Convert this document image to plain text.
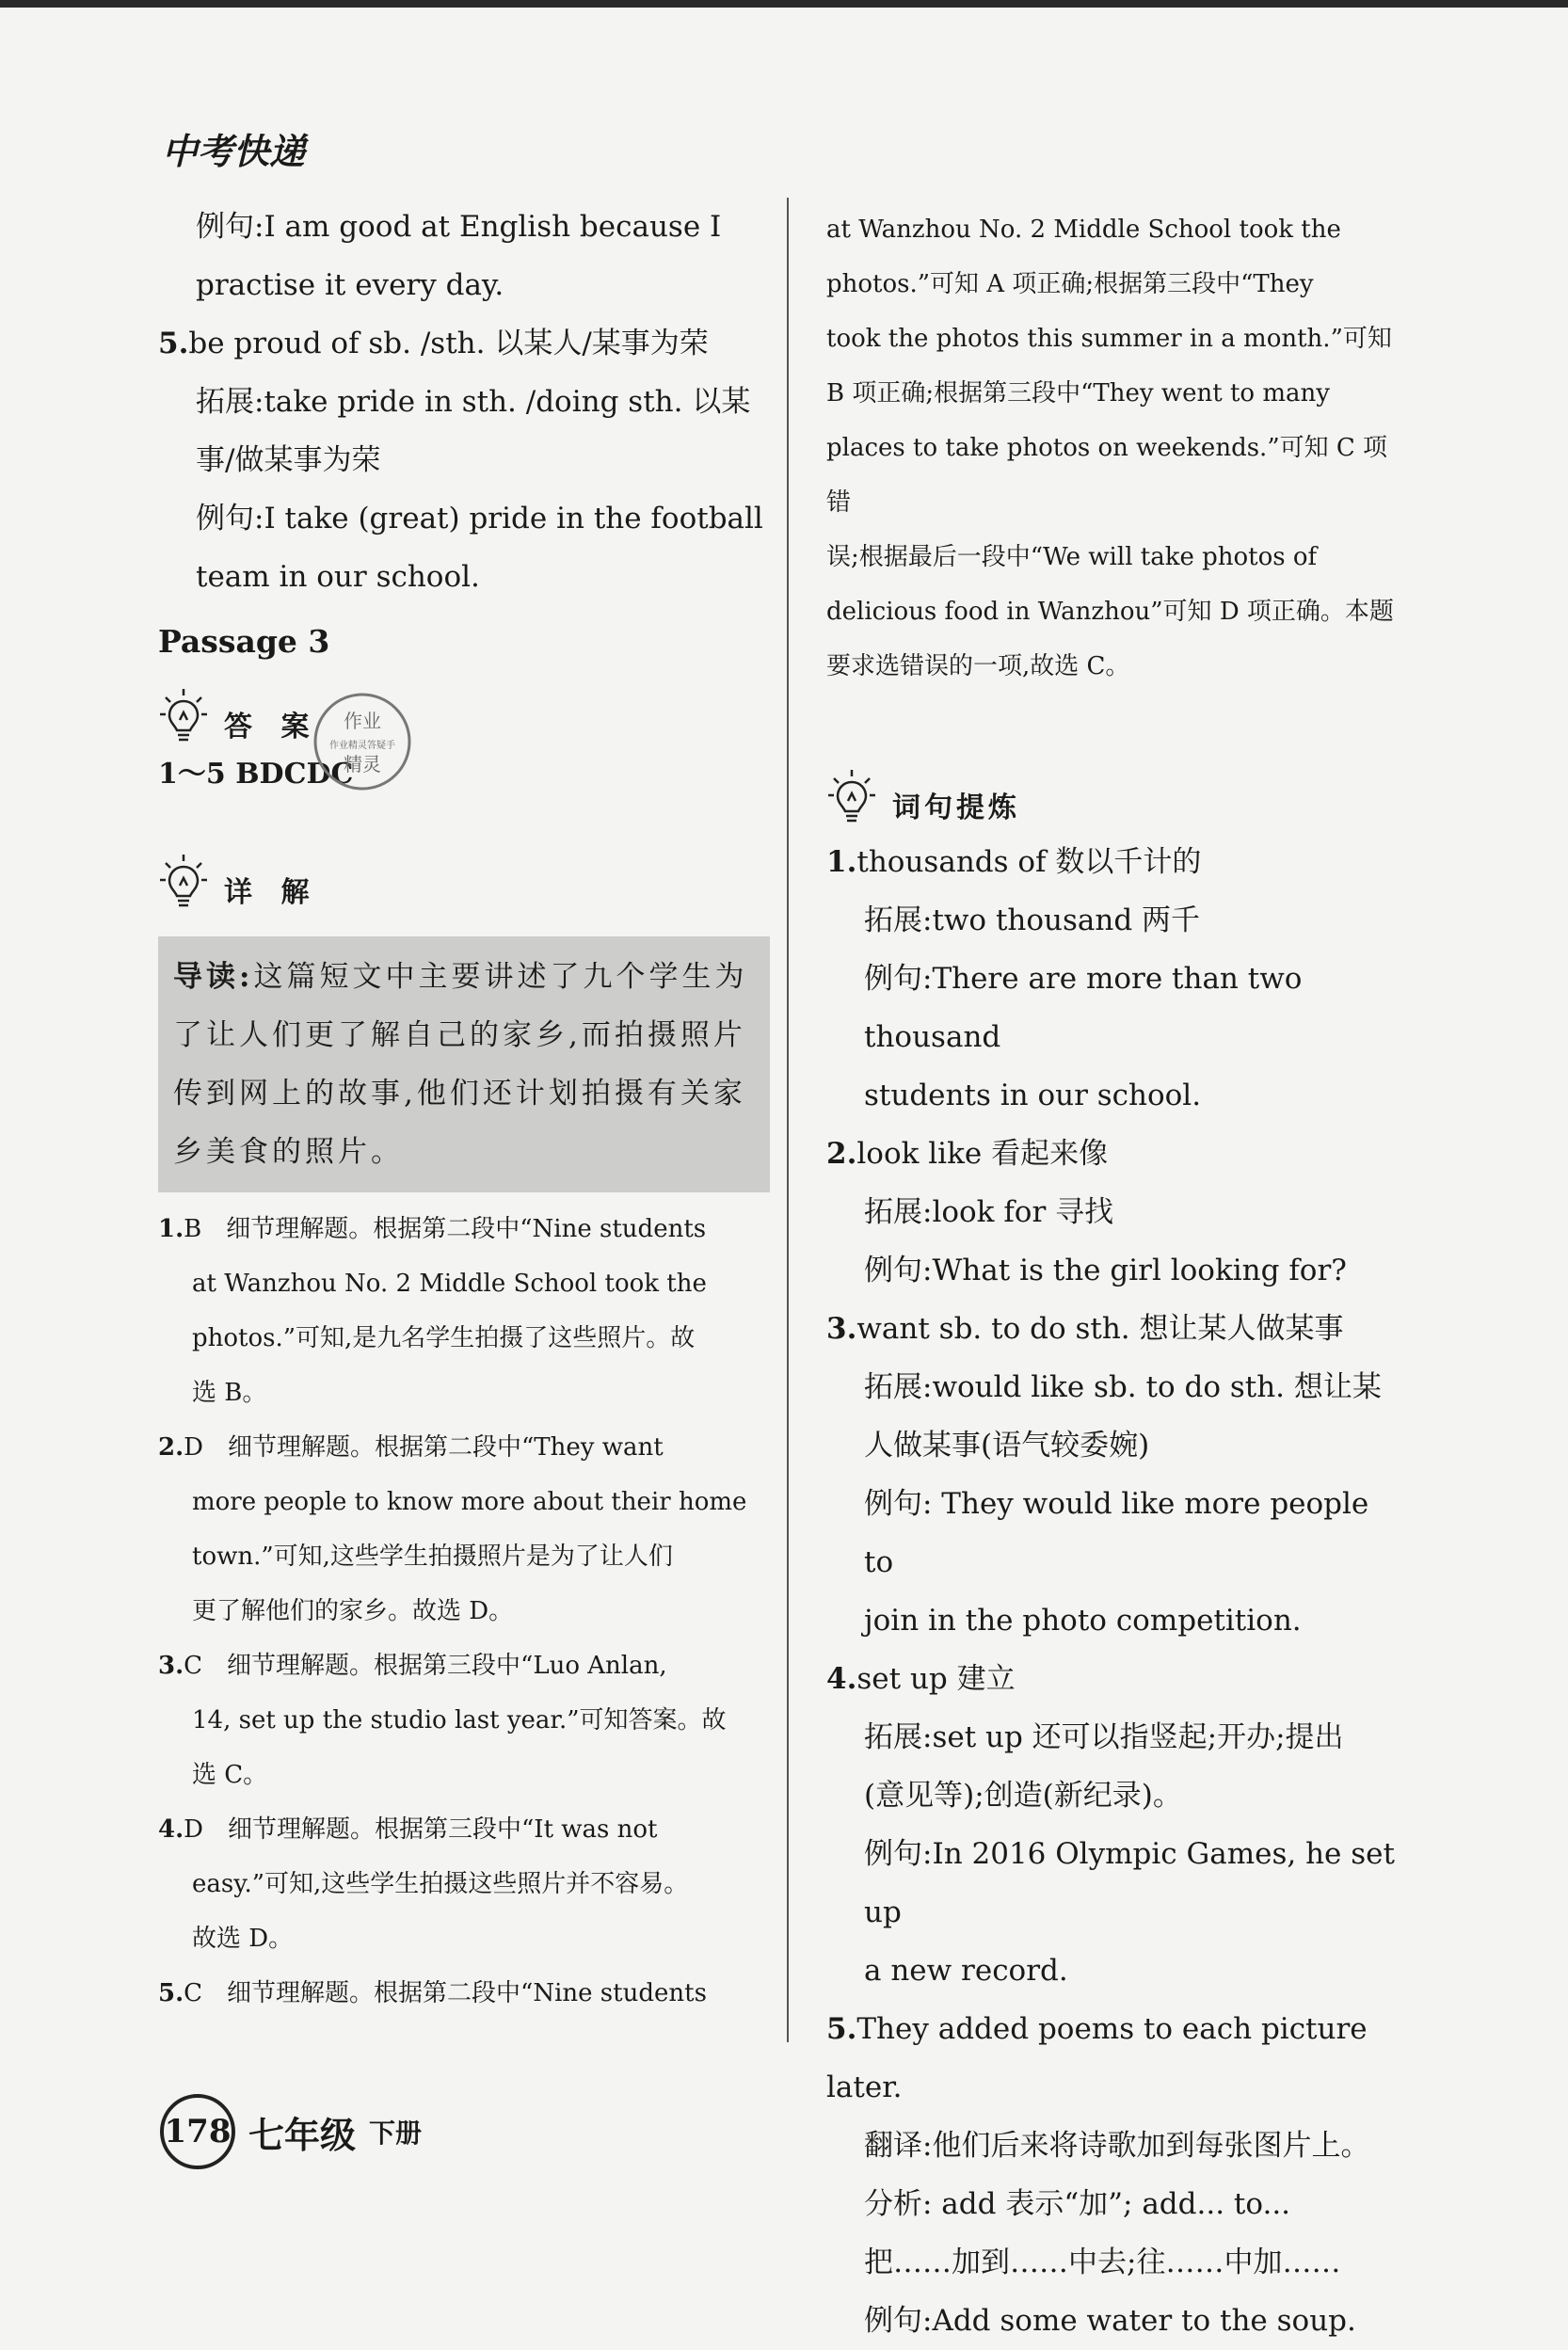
中考快递

例句:I am good at English because I

practise it every day.

5.be proud of sb. /sth. 以某人/某事为荣

拓展:take pride in sth. /doing sth. 以某

事/做某事为荣

例句:I take (great) pride in the football

team in our school.

Passage 3
答 案
1～5 BDCDC
详 解
导读:这篇短文中主要讲述了九个学生为了让人们更了解自己的家乡,而拍摄照片传到网上的故事,他们还计划拍摄有关家乡美食的照片。

1.B　细节理解题。根据第二段中“Nine students

at Wanzhou No. 2 Middle School took the

photos.”可知,是九名学生拍摄了这些照片。故

选 B。

2.D　细节理解题。根据第二段中“They want

more people to know more about their home

town.”可知,这些学生拍摄照片是为了让人们

更了解他们的家乡。故选 D。

3.C　细节理解题。根据第三段中“Luo Anlan,

14, set up the studio last year.”可知答案。故

选 C。

4.D　细节理解题。根据第三段中“It was not

easy.”可知,这些学生拍摄这些照片并不容易。

故选 D。

5.C　细节理解题。根据第二段中“Nine students

at Wanzhou No. 2 Middle School took the

photos.”可知 A 项正确;根据第三段中“They

took the photos this summer in a month.”可知

B 项正确;根据第三段中“They went to many

places to take photos on weekends.”可知 C 项错

误;根据最后一段中“We will take photos of

delicious food in Wanzhou”可知 D 项正确。本题

要求选错误的一项,故选 C。

词句提炼

1.thousands of 数以千计的

拓展:two thousand 两千

例句:There are more than two thousand

students in our school.

2.look like 看起来像

拓展:look for 寻找

例句:What is the girl looking for?

3.want sb. to do sth. 想让某人做某事

拓展:would like sb. to do sth. 想让某

人做某事(语气较委婉)

例句: They would like more people to

join in the photo competition.

4.set up 建立

拓展:set up 还可以指竖起;开办;提出

(意见等);创造(新纪录)。

例句:In 2016 Olympic Games, he set up

a new record.

5.They added poems to each picture later.

翻译:他们后来将诗歌加到每张图片上。

分析: add 表示“加”; add... to...

把……加到……中去;往……中加……

例句:Add some water to the soup.

作业
作业精灵答疑手
精灵
178 七年级 下册
